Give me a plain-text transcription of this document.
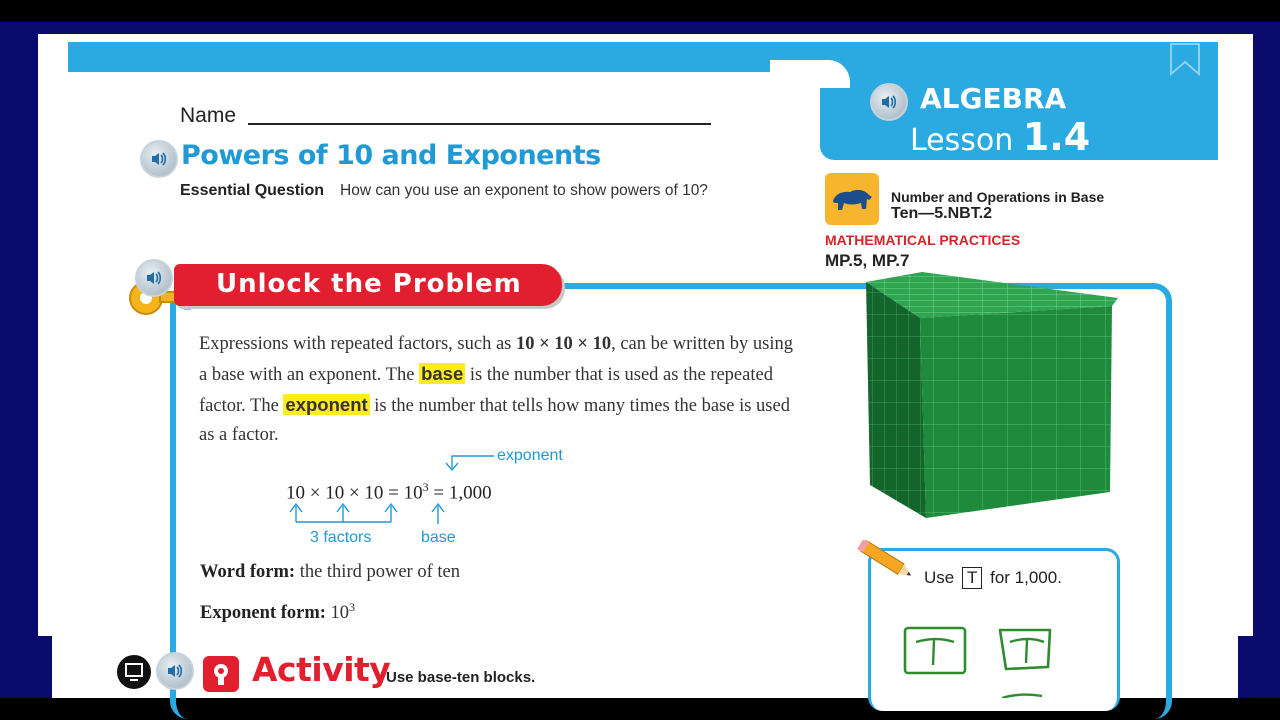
Name
Powers of 10 and Exponents
Essential Question How can you use an exponent to show powers of 10?
ALGEBRA
Lesson 1.4
Number and Operations in Base
Ten—5.NBT.2
MATHEMATICAL PRACTICES
MP.5, MP.7
Unlock the Problem
Expressions with repeated factors, such as 10 × 10 × 10, can be written by using a base with an exponent. The base is the number that is used as the repeated factor. The exponent is the number that tells how many times the base is used as a factor.
exponent
$10 \times 10 \times 10 = 10^3 = 1,000$
3 factors	base
Word form: the third power of ten
Exponent form: $10^3$
Use T for 1,000.
Activity
Use base-ten blocks.
